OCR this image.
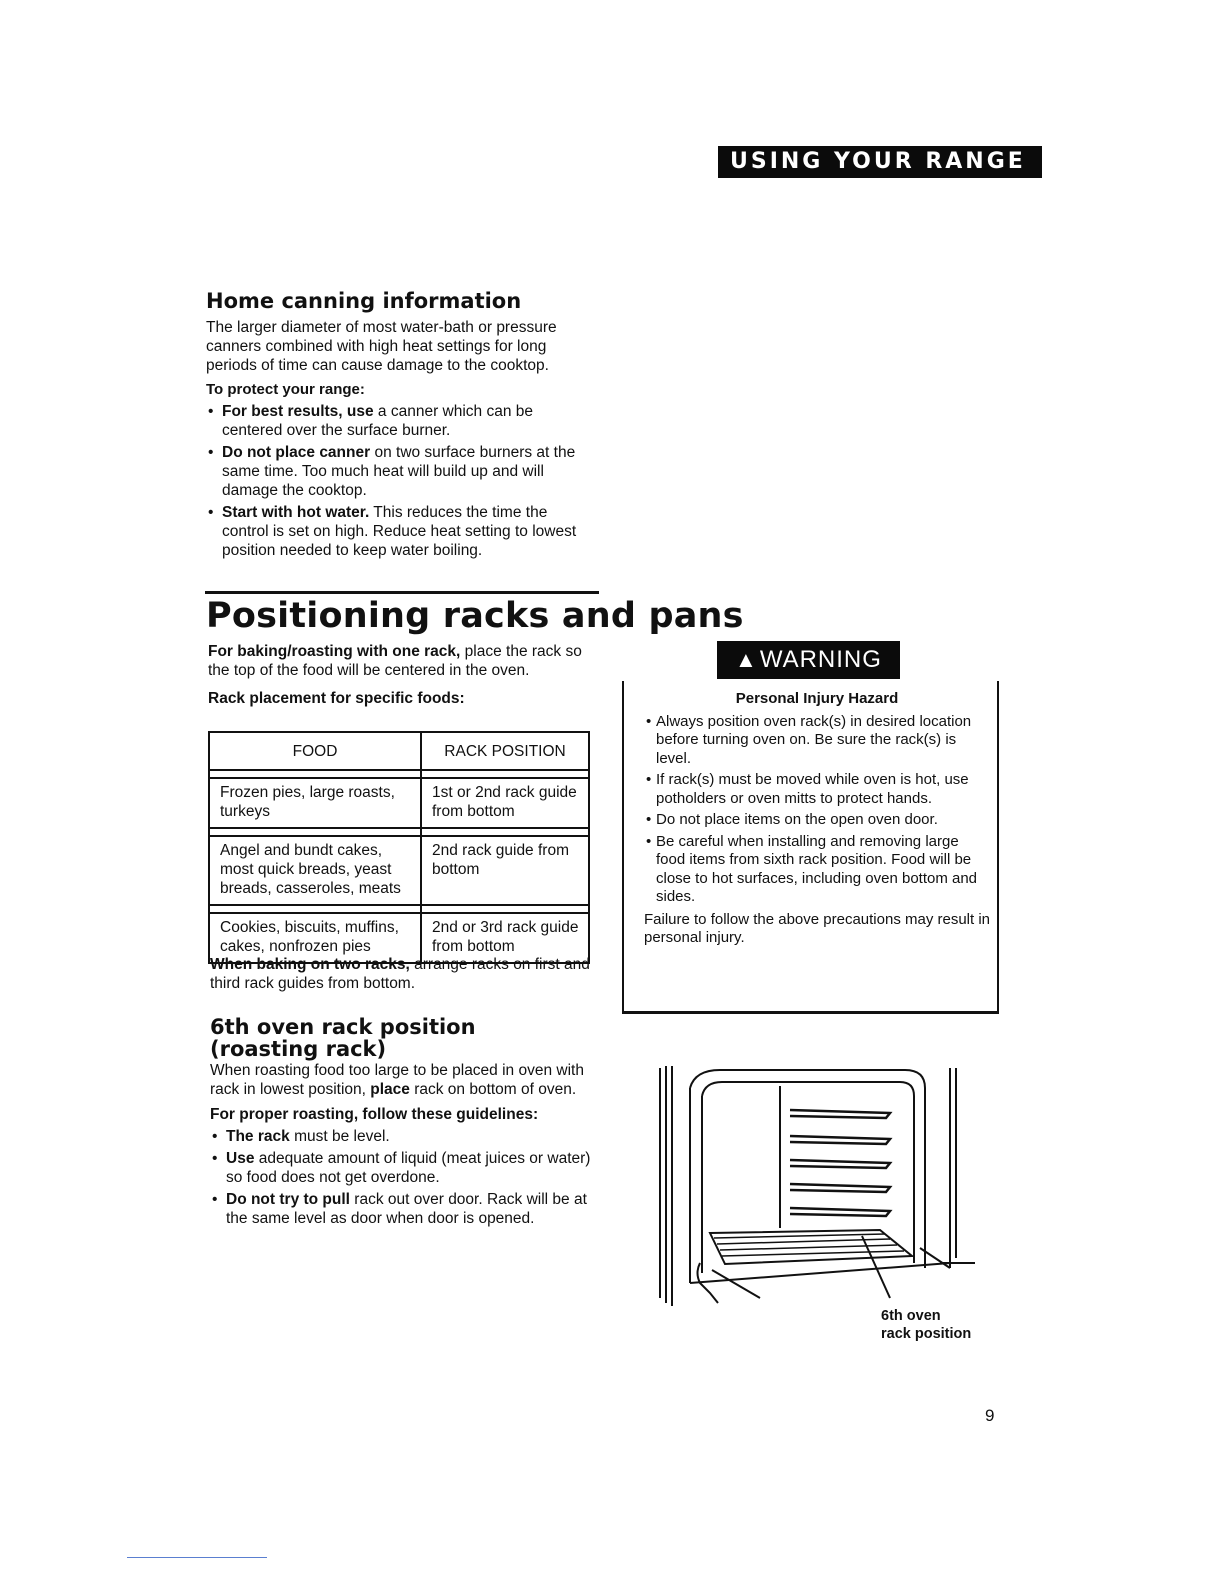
USING YOUR RANGE
Home canning information

The larger diameter of most water-bath or pressure canners combined with high heat settings for long periods of time can cause damage to the cooktop.

To protect your range:

• For best results, use a canner which can be centered over the surface burner.
• Do not place canner on two surface burners at the same time. Too much heat will build up and will damage the cooktop.
• Start with hot water. This reduces the time the control is set on high. Reduce heat setting to lowest position needed to keep water boiling.
Positioning racks and pans

For baking/roasting with one rack, place the rack so the top of the food will be centered in the oven.

Rack placement for specific foods:

FOOD	RACK POSITION

Frozen pies, large roasts, turkeys	1st or 2nd rack guide from bottom

Angel and bundt cakes, most quick breads, yeast breads, casseroles, meats	2nd rack guide from bottom

Cookies, biscuits, muffins, cakes, nonfrozen pies	2nd or 3rd rack guide from bottom

When baking on two racks, arrange racks on first and third rack guides from bottom.

6th oven rack position
(roasting rack)

When roasting food too large to be placed in oven with rack in lowest position, place rack on bottom of oven.

For proper roasting, follow these guidelines:

• The rack must be level.
• Use adequate amount of liquid (meat juices or water) so food does not get overdone.
• Do not try to pull rack out over door. Rack will be at the same level as door when door is opened.
▲WARNING

Personal Injury Hazard

• Always position oven rack(s) in desired location before turning oven on. Be sure the rack(s) is level.
• If rack(s) must be moved while oven is hot, use potholders or oven mitts to protect hands.
• Do not place items on the open oven door.
• Be careful when installing and removing large food items from sixth rack position. Food will be close to hot surfaces, including oven bottom and sides.

Failure to follow the above precautions may result in personal injury.

6th oven
rack position
9
